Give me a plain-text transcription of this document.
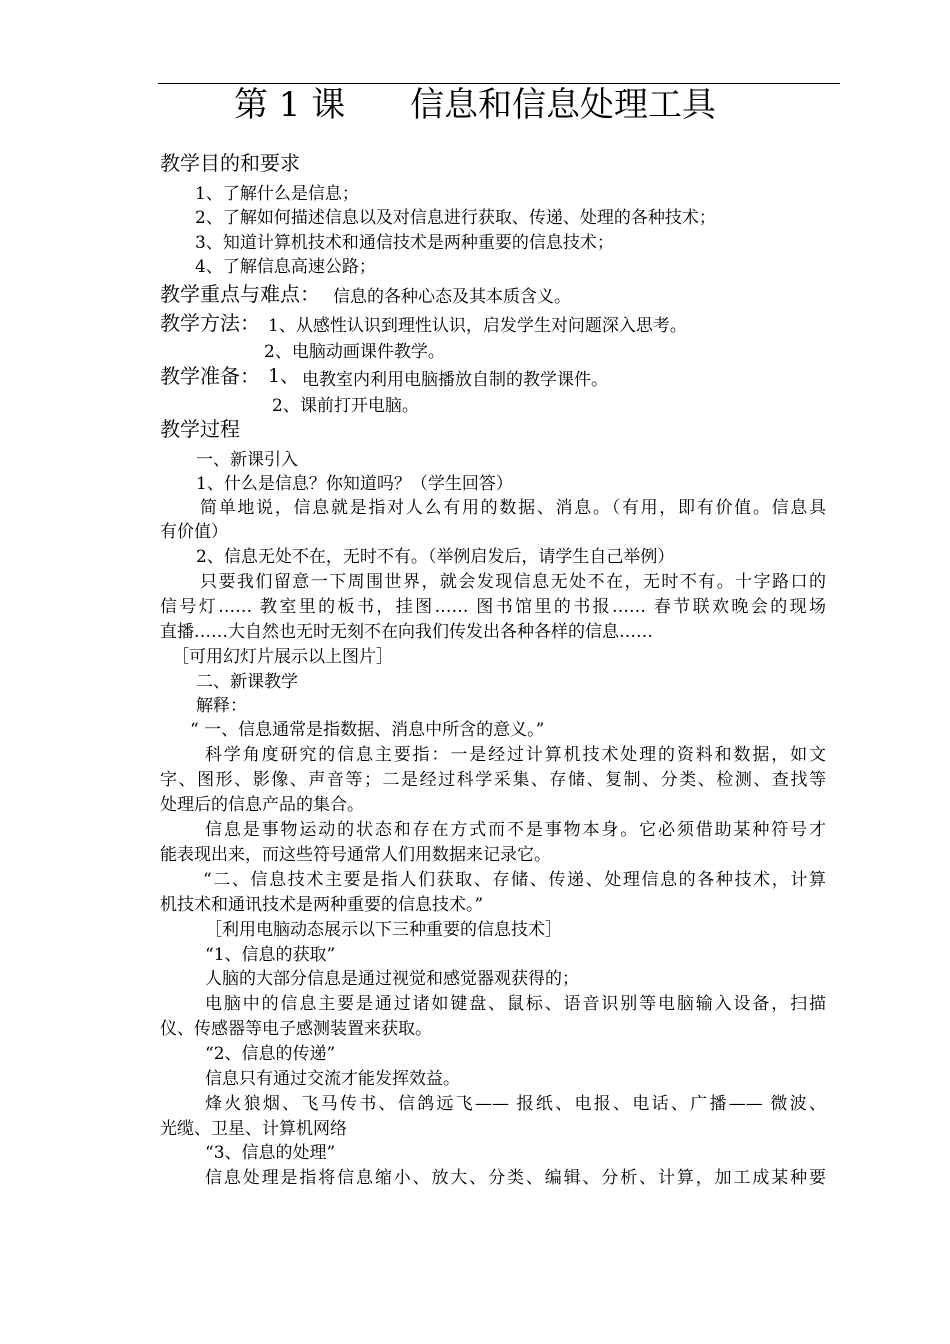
第 1 课      信息和信息处理工具
教学目的和要求
1、了解什么是信息；
2、了解如何描述信息以及对信息进行获取、传递、处理的各种技术；
3、知道计算机技术和通信技术是两种重要的信息技术；
4、了解信息高速公路；
教学重点与难点： 信息的各种心态及其本质含义。
教学方法： 1、从感性认识到理性认识，启发学生对问题深入思考。
2、电脑动画课件教学。
教学准备： 1、 电教室内利用电脑播放自制的教学课件。
2、课前打开电脑。
教学过程
一、新课引入
1、什么是信息？你知道吗？（学生回答）
简单地说，信息就是指对人么有用的数据、消息。（有用，即有价值。信息具
有价值）
2、信息无处不在，无时不有。（举例启发后，请学生自己举例）
只要我们留意一下周围世界，就会发现信息无处不在，无时不有。十字路口的
信号灯…… 教室里的板书，挂图…… 图书馆里的书报…… 春节联欢晚会的现场
直播……大自然也无时无刻不在向我们传发出各种各样的信息……
［可用幻灯片展示以上图片］
二、新课教学
解释：
“ 一、信息通常是指数据、消息中所含的意义。”
科学角度研究的信息主要指：一是经过计算机技术处理的资料和数据，如文
字、图形、影像、声音等；二是经过科学采集、存储、复制、分类、检测、查找等
处理后的信息产品的集合。
信息是事物运动的状态和存在方式而不是事物本身。它必须借助某种符号才
能表现出来，而这些符号通常人们用数据来记录它。
“二、信息技术主要是指人们获取、存储、传递、处理信息的各种技术，计算
机技术和通讯技术是两种重要的信息技术。”
［利用电脑动态展示以下三种重要的信息技术］
“1、信息的获取”
人脑的大部分信息是通过视觉和感觉器观获得的；
电脑中的信息主要是通过诸如键盘、鼠标、语音识别等电脑输入设备，扫描
仪、传感器等电子感测装置来获取。
“2、信息的传递”
信息只有通过交流才能发挥效益。
烽火狼烟、飞马传书、信鸽远飞—— 报纸、电报、电话、广播—— 微波、
光缆、卫星、计算机网络
“3、信息的处理”
信息处理是指将信息缩小、放大、分类、编辑、分析、计算，加工成某种要
